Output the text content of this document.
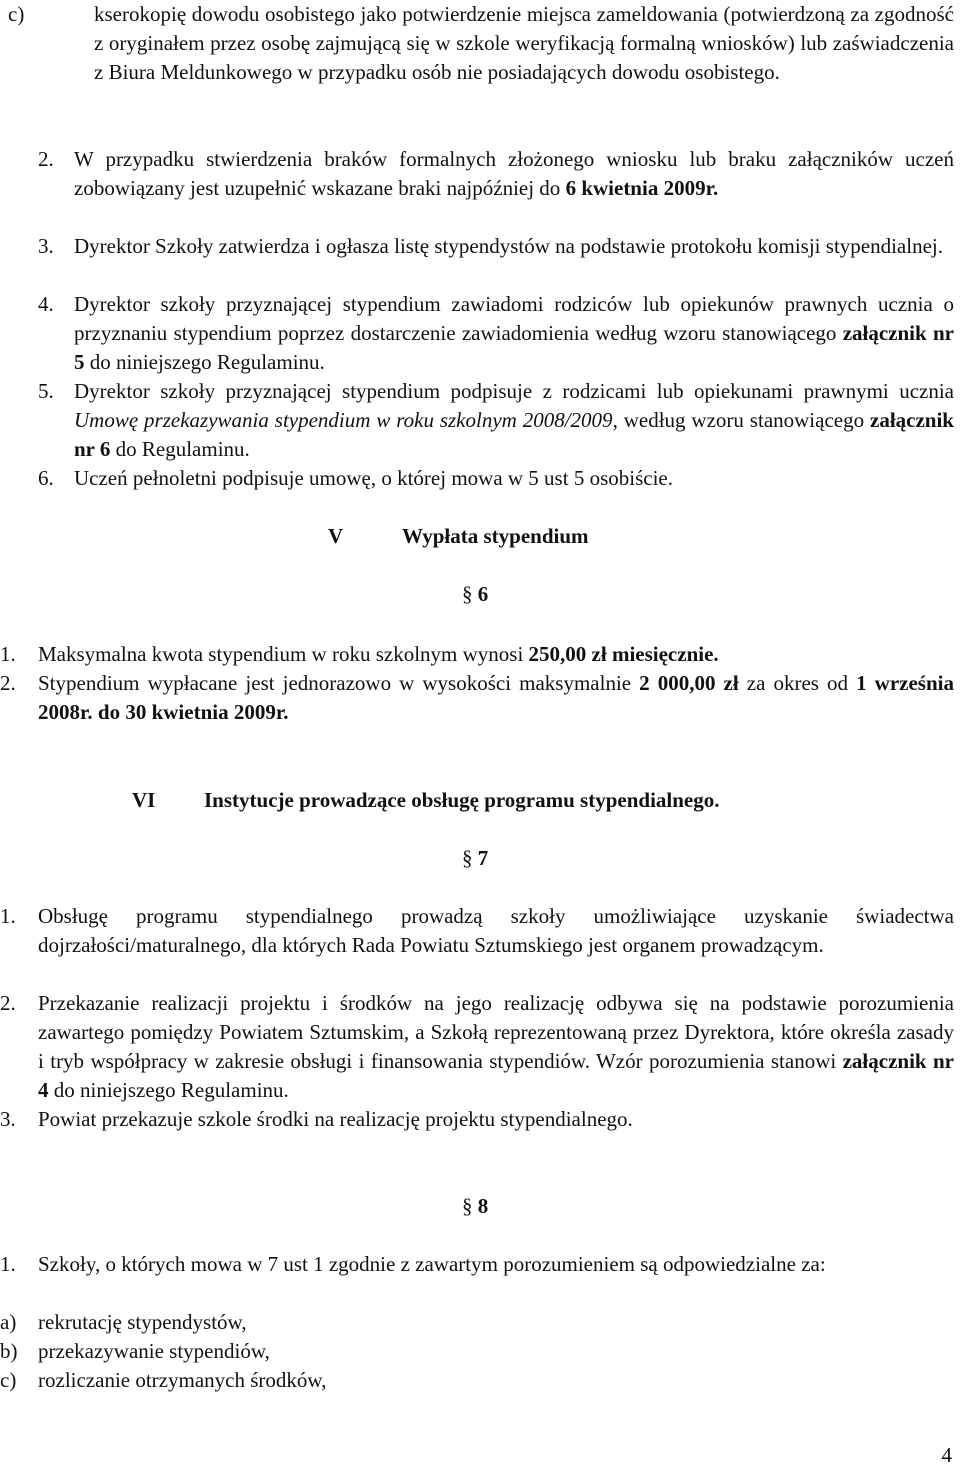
c)	kserokopię dowodu osobistego jako potwierdzenie miejsca zameldowania (potwierdzoną za zgodność z oryginałem przez osobę zajmującą się w szkole weryfikacją formalną wniosków) lub zaświadczenia z Biura Meldunkowego w przypadku osób nie posiadających dowodu osobistego.
2. W przypadku stwierdzenia braków formalnych złożonego wniosku lub braku załączników uczeń zobowiązany jest uzupełnić wskazane braki najpóźniej do 6 kwietnia 2009r.
3. Dyrektor Szkoły zatwierdza i ogłasza listę stypendystów na podstawie protokołu komisji stypendialnej.
4. Dyrektor szkoły przyznającej stypendium zawiadomi rodziców lub opiekunów prawnych ucznia o przyznaniu stypendium poprzez dostarczenie zawiadomienia według wzoru stanowiącego załącznik nr 5 do niniejszego Regulaminu.
5. Dyrektor szkoły przyznającej stypendium podpisuje z rodzicami lub opiekunami prawnymi ucznia Umowę przekazywania stypendium w roku szkolnym 2008/2009, według wzoru stanowiącego załącznik nr 6 do Regulaminu.
6. Uczeń pełnoletni podpisuje umowę, o której mowa w 5 ust 5 osobiście.
V	Wypłata stypendium
§ 6
1.	Maksymalna kwota stypendium w roku szkolnym wynosi 250,00 zł miesięcznie.
2.	Stypendium wypłacane jest jednorazowo w wysokości maksymalnie 2 000,00 zł za okres od 1 września 2008r. do 30 kwietnia 2009r.
VI Instytucje prowadzące obsługę programu stypendialnego.
§ 7
1.	Obsługę programu stypendialnego prowadzą szkoły umożliwiające uzyskanie świadectwa dojrzałości/maturalnego, dla których Rada Powiatu Sztumskiego jest organem prowadzącym.
2.	Przekazanie realizacji projektu i środków na jego realizację odbywa się na podstawie porozumienia zawartego pomiędzy Powiatem Sztumskim, a Szkołą reprezentowaną przez Dyrektora, które określa zasady i tryb współpracy w zakresie obsługi i finansowania stypendiów. Wzór porozumienia stanowi załącznik nr 4 do niniejszego Regulaminu.
3.	Powiat przekazuje szkole środki na realizację projektu stypendialnego.
§ 8
1.	Szkoły, o których mowa w 7 ust 1 zgodnie z zawartym porozumieniem są odpowiedzialne za:
a)	rekrutację stypendystów,
b) przekazywanie stypendiów,
c)	rozliczanie otrzymanych środków,
4
